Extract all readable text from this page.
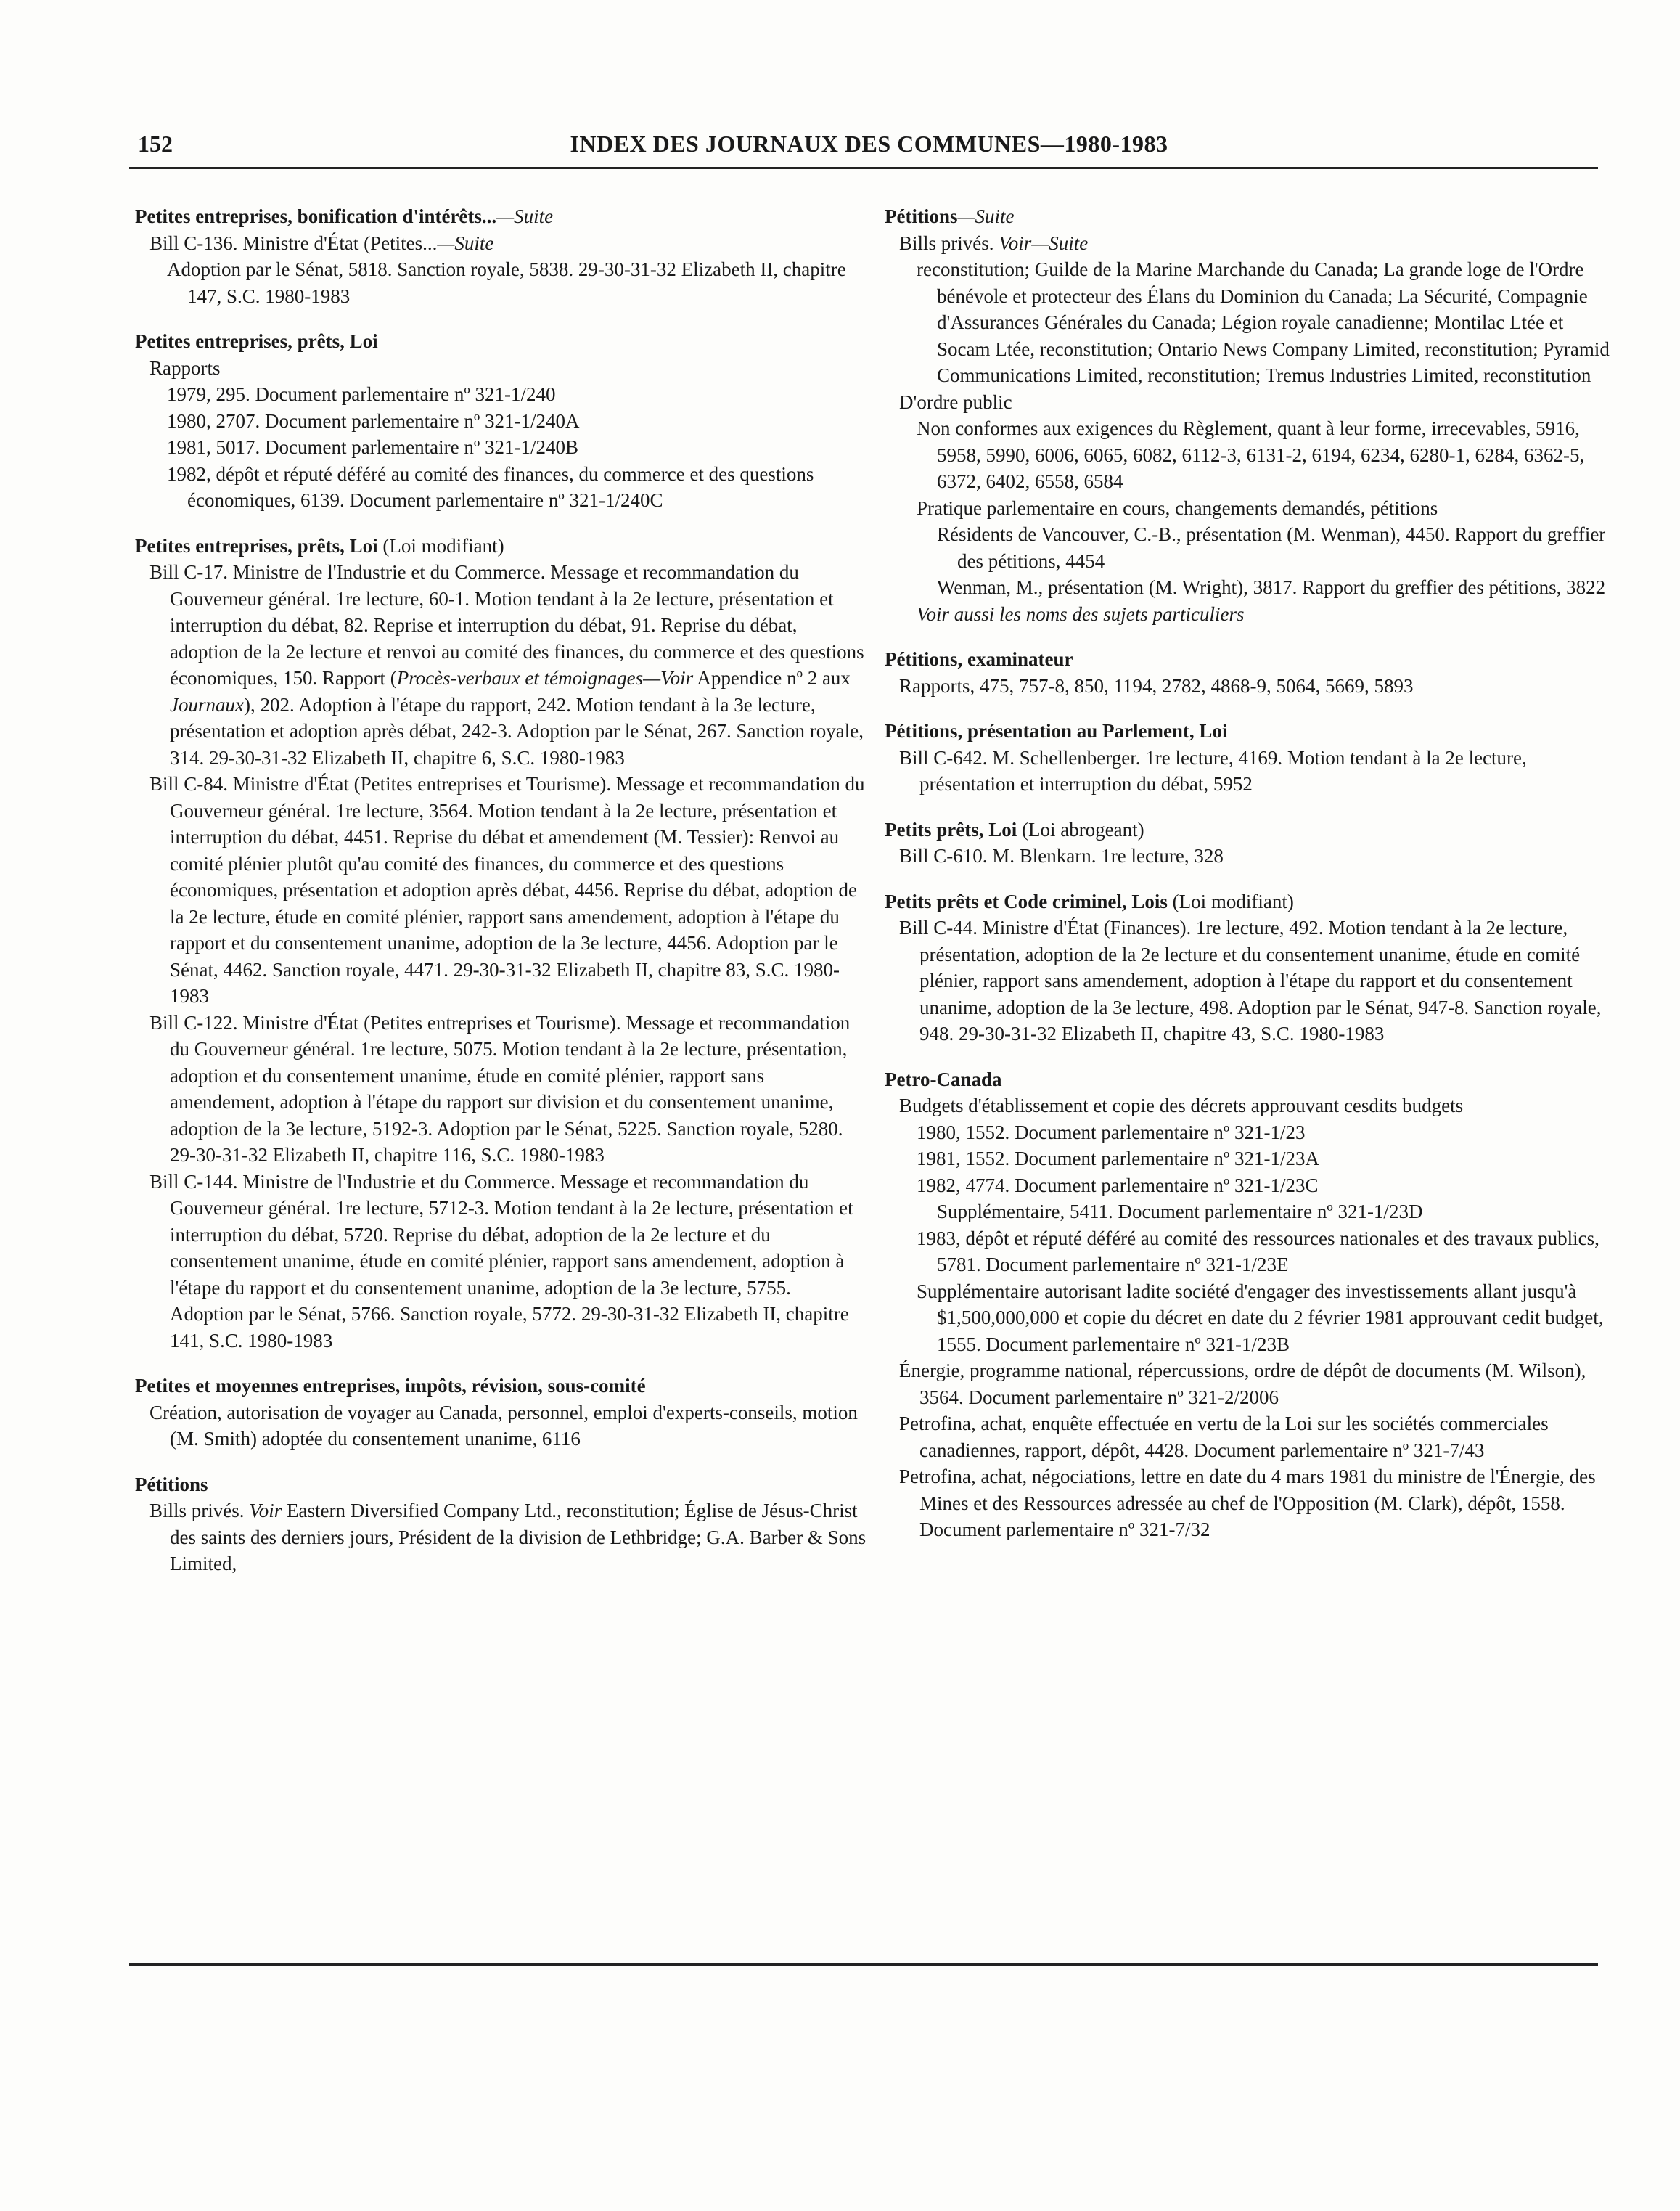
152	INDEX DES JOURNAUX DES COMMUNES—1980-1983
Petites entreprises, bonification d'intérêts...—Suite
Bill C-136. Ministre d'État (Petites...—Suite
Adoption par le Sénat, 5818. Sanction royale, 5838. 29-30-31-32 Elizabeth II, chapitre 147, S.C. 1980-1983
Petites entreprises, prêts, Loi
Rapports
1979, 295. Document parlementaire nº 321-1/240
1980, 2707. Document parlementaire nº 321-1/240A
1981, 5017. Document parlementaire nº 321-1/240B
1982, dépôt et réputé déféré au comité des finances, du commerce et des questions économiques, 6139. Document parlementaire nº 321-1/240C
Petites entreprises, prêts, Loi (Loi modifiant)
Bill C-17. Ministre de l'Industrie et du Commerce. Message et recommandation du Gouverneur général. 1re lecture, 60-1. Motion tendant à la 2e lecture, présentation et interruption du débat, 82. Reprise et interruption du débat, 91. Reprise du débat, adoption de la 2e lecture et renvoi au comité des finances, du commerce et des questions économiques, 150. Rapport (Procès-verbaux et témoignages—Voir Appendice nº 2 aux Journaux), 202. Adoption à l'étape du rapport, 242. Motion tendant à la 3e lecture, présentation et adoption après débat, 242-3. Adoption par le Sénat, 267. Sanction royale, 314. 29-30-31-32 Elizabeth II, chapitre 6, S.C. 1980-1983
Bill C-84. Ministre d'État (Petites entreprises et Tourisme). Message et recommandation du Gouverneur général. 1re lecture, 3564. Motion tendant à la 2e lecture, présentation et interruption du débat, 4451. Reprise du débat et amendement (M. Tessier): Renvoi au comité plénier plutôt qu'au comité des finances, du commerce et des questions économiques, présentation et adoption après débat, 4456. Reprise du débat, adoption de la 2e lecture, étude en comité plénier, rapport sans amendement, adoption à l'étape du rapport et du consentement unanime, adoption de la 3e lecture, 4456. Adoption par le Sénat, 4462. Sanction royale, 4471. 29-30-31-32 Elizabeth II, chapitre 83, S.C. 1980-1983
Bill C-122. Ministre d'État (Petites entreprises et Tourisme). Message et recommandation du Gouverneur général. 1re lecture, 5075. Motion tendant à la 2e lecture, présentation, adoption et du consentement unanime, étude en comité plénier, rapport sans amendement, adoption à l'étape du rapport sur division et du consentement unanime, adoption de la 3e lecture, 5192-3. Adoption par le Sénat, 5225. Sanction royale, 5280. 29-30-31-32 Elizabeth II, chapitre 116, S.C. 1980-1983
Bill C-144. Ministre de l'Industrie et du Commerce. Message et recommandation du Gouverneur général. 1re lecture, 5712-3. Motion tendant à la 2e lecture, présentation et interruption du débat, 5720. Reprise du débat, adoption de la 2e lecture et du consentement unanime, étude en comité plénier, rapport sans amendement, adoption à l'étape du rapport et du consentement unanime, adoption de la 3e lecture, 5755. Adoption par le Sénat, 5766. Sanction royale, 5772. 29-30-31-32 Elizabeth II, chapitre 141, S.C. 1980-1983
Petites et moyennes entreprises, impôts, révision, sous-comité
Création, autorisation de voyager au Canada, personnel, emploi d'experts-conseils, motion (M. Smith) adoptée du consentement unanime, 6116
Pétitions
Bills privés. Voir Eastern Diversified Company Ltd., reconstitution; Église de Jésus-Christ des saints des derniers jours, Président de la division de Lethbridge; G.A. Barber & Sons Limited,
Pétitions—Suite
Bills privés. Voir—Suite
reconstitution; Guilde de la Marine Marchande du Canada; La grande loge de l'Ordre bénévole et protecteur des Élans du Dominion du Canada; La Sécurité, Compagnie d'Assurances Générales du Canada; Légion royale canadienne; Montilac Ltée et Socam Ltée, reconstitution; Ontario News Company Limited, reconstitution; Pyramid Communications Limited, reconstitution; Tremus Industries Limited, reconstitution
D'ordre public
Non conformes aux exigences du Règlement, quant à leur forme, irrecevables, 5916, 5958, 5990, 6006, 6065, 6082, 6112-3, 6131-2, 6194, 6234, 6280-1, 6284, 6362-5, 6372, 6402, 6558, 6584
Pratique parlementaire en cours, changements demandés, pétitions
Résidents de Vancouver, C.-B., présentation (M. Wenman), 4450. Rapport du greffier des pétitions, 4454
Wenman, M., présentation (M. Wright), 3817. Rapport du greffier des pétitions, 3822
Voir aussi les noms des sujets particuliers
Pétitions, examinateur
Rapports, 475, 757-8, 850, 1194, 2782, 4868-9, 5064, 5669, 5893
Pétitions, présentation au Parlement, Loi
Bill C-642. M. Schellenberger. 1re lecture, 4169. Motion tendant à la 2e lecture, présentation et interruption du débat, 5952
Petits prêts, Loi (Loi abrogeant)
Bill C-610. M. Blenkarn. 1re lecture, 328
Petits prêts et Code criminel, Lois (Loi modifiant)
Bill C-44. Ministre d'État (Finances). 1re lecture, 492. Motion tendant à la 2e lecture, présentation, adoption de la 2e lecture et du consentement unanime, étude en comité plénier, rapport sans amendement, adoption à l'étape du rapport et du consentement unanime, adoption de la 3e lecture, 498. Adoption par le Sénat, 947-8. Sanction royale, 948. 29-30-31-32 Elizabeth II, chapitre 43, S.C. 1980-1983
Petro-Canada
Budgets d'établissement et copie des décrets approuvant cesdits budgets
1980, 1552. Document parlementaire nº 321-1/23
1981, 1552. Document parlementaire nº 321-1/23A
1982, 4774. Document parlementaire nº 321-1/23C
Supplémentaire, 5411. Document parlementaire nº 321-1/23D
1983, dépôt et réputé déféré au comité des ressources nationales et des travaux publics, 5781. Document parlementaire nº 321-1/23E
Supplémentaire autorisant ladite société d'engager des investissements allant jusqu'à $1,500,000,000 et copie du décret en date du 2 février 1981 approuvant cedit budget, 1555. Document parlementaire nº 321-1/23B
Énergie, programme national, répercussions, ordre de dépôt de documents (M. Wilson), 3564. Document parlementaire nº 321-2/2006
Petrofina, achat, enquête effectuée en vertu de la Loi sur les sociétés commerciales canadiennes, rapport, dépôt, 4428. Document parlementaire nº 321-7/43
Petrofina, achat, négociations, lettre en date du 4 mars 1981 du ministre de l'Énergie, des Mines et des Ressources adressée au chef de l'Opposition (M. Clark), dépôt, 1558. Document parlementaire nº 321-7/32
